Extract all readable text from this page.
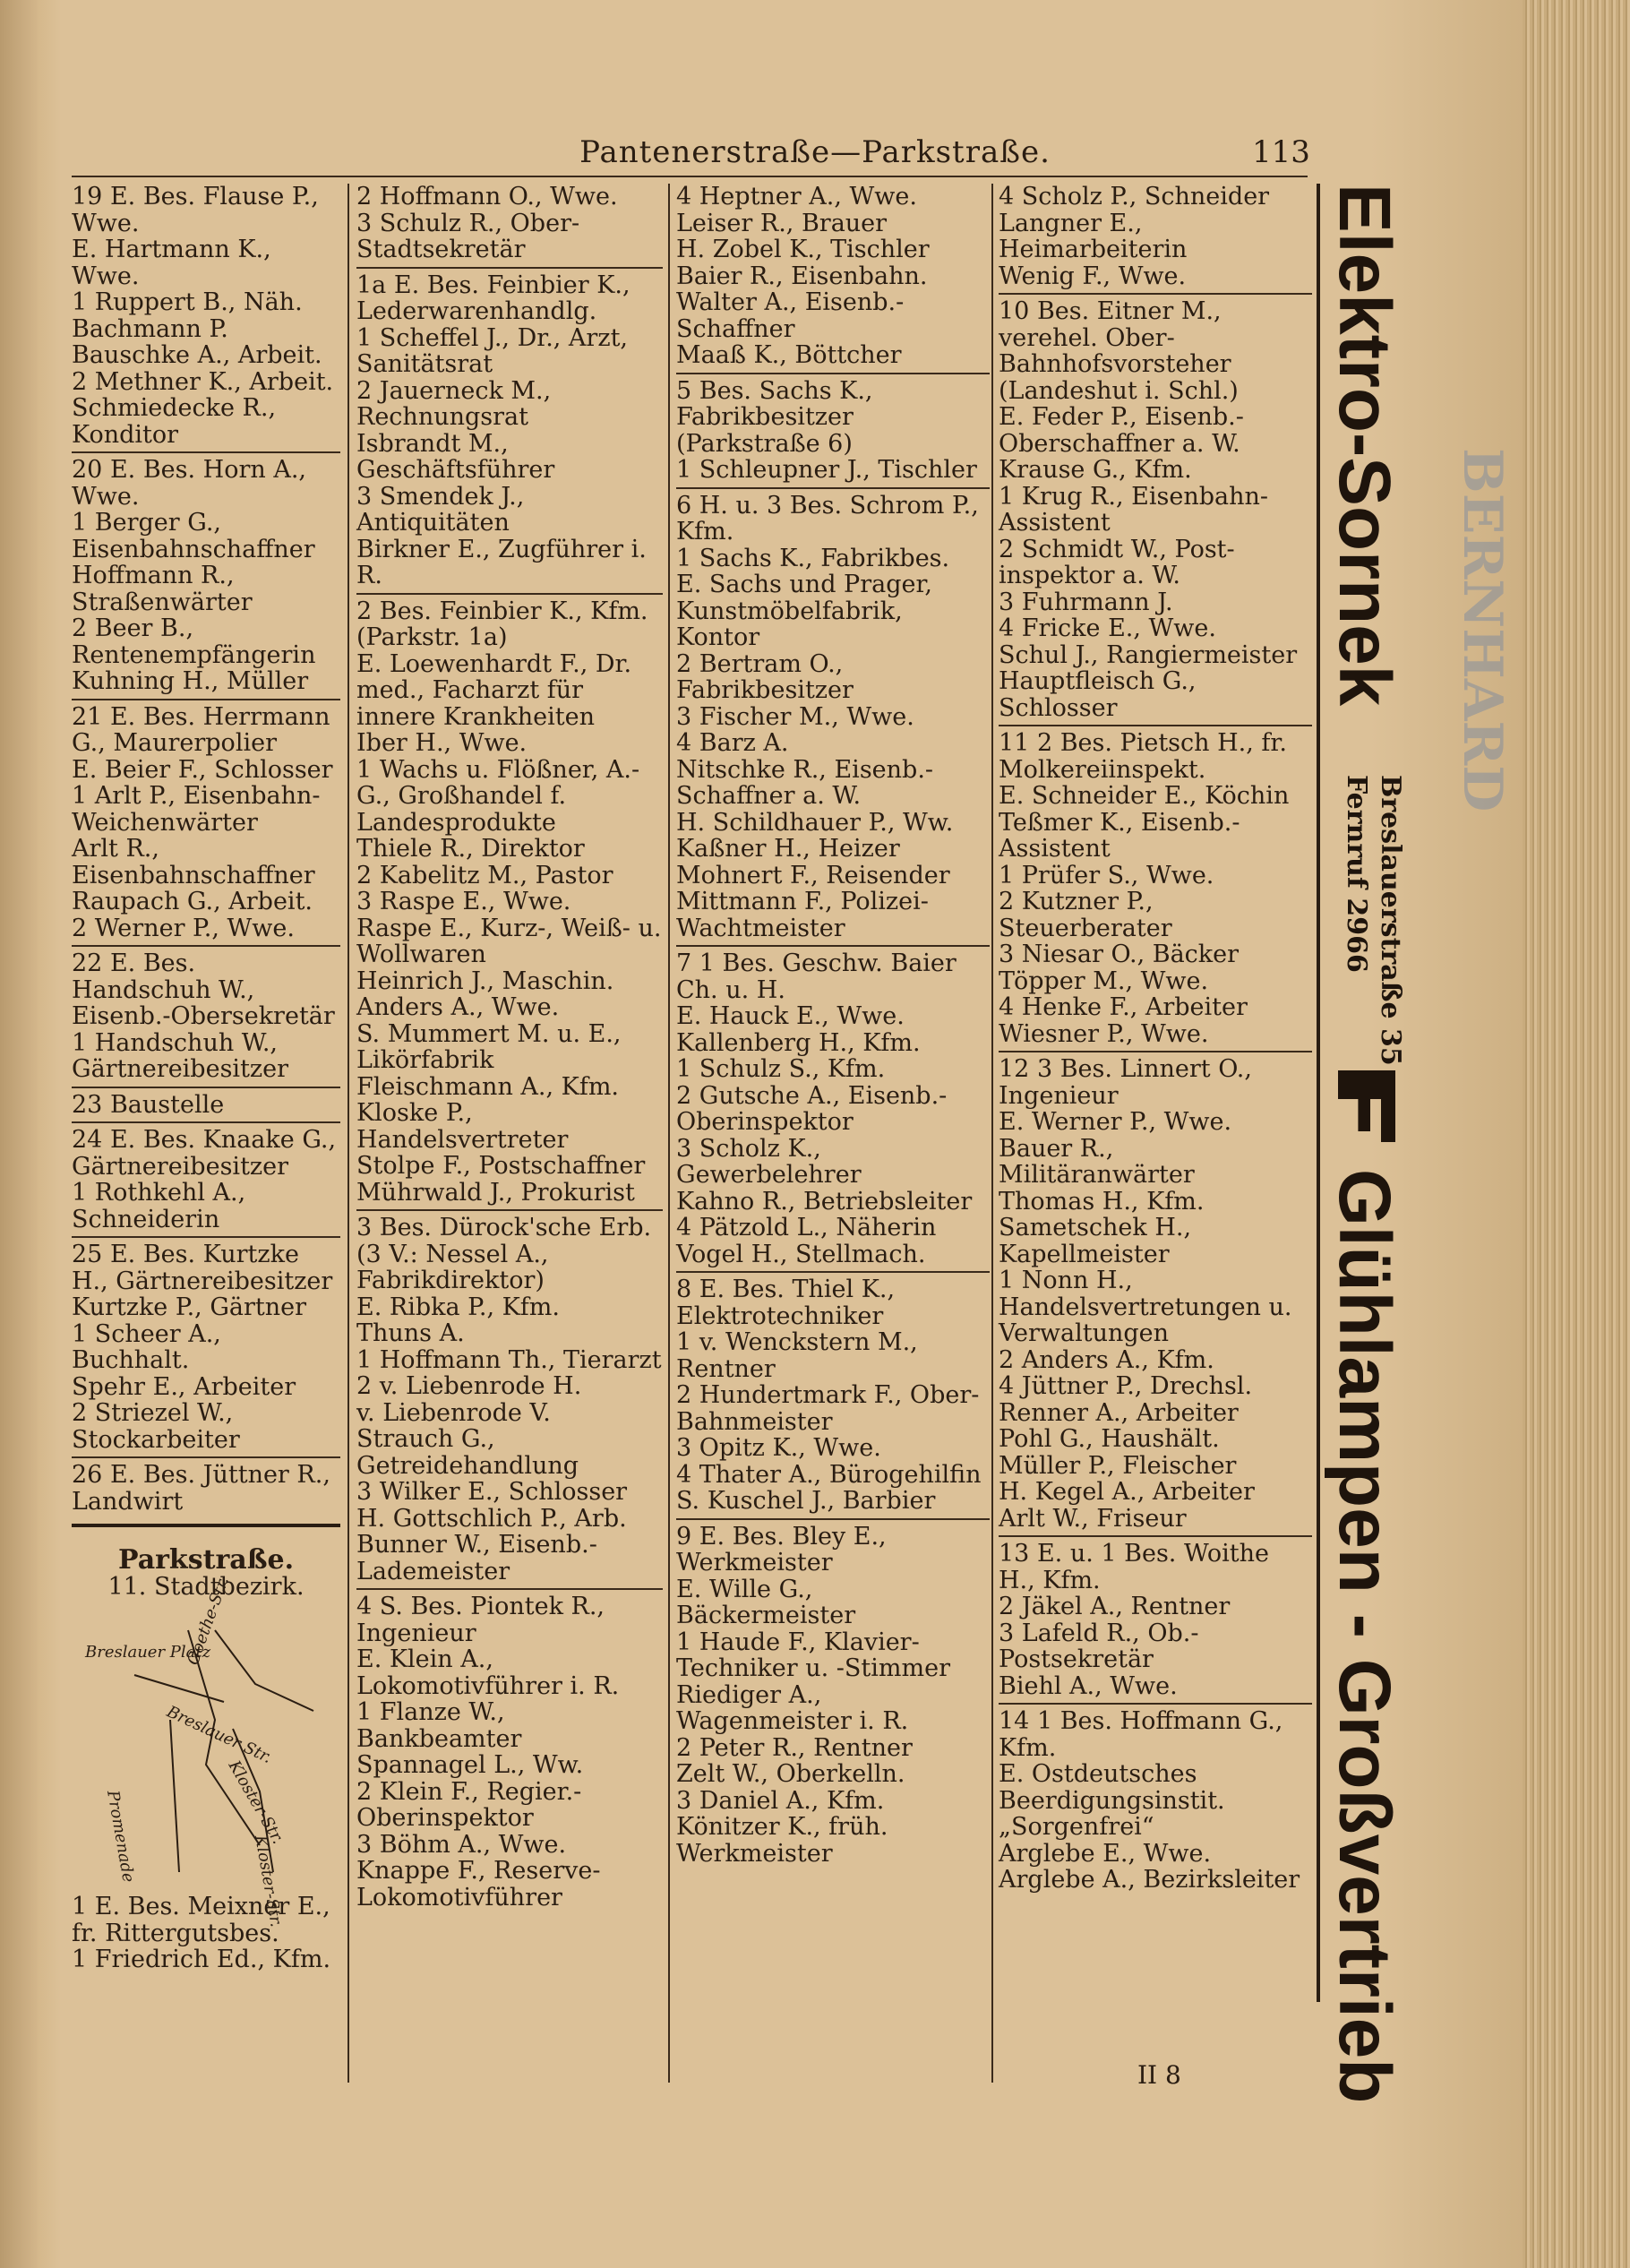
Pantenerstraße—Parkstraße.	113
19 E. Bes. Flause P., Wwe.
E. Hartmann K., Wwe.
1 Ruppert B., Näh.
Bachmann P.
Bauschke A., Arbeit.
2 Methner K., Arbeit.
Schmiedecke R., Konditor
20 E. Bes. Horn A., Wwe.
1 Berger G., Eisenbahnschaffner
Hoffmann R., Straßenwärter
2 Beer B., Rentenempfängerin
Kuhning H., Müller
21 E. Bes. Herrmann G., Maurerpolier
E. Beier F., Schlosser
1 Arlt P., Eisenbahn-Weichenwärter
Arlt R., Eisenbahnschaffner
Raupach G., Arbeit.
2 Werner P., Wwe.
22 E. Bes. Handschuh W., Eisenb.-Obersekretär
1 Handschuh W., Gärtnereibesitzer
23 Baustelle
24 E. Bes. Knaake G., Gärtnereibesitzer
1 Rothkehl A., Schneiderin
25 E. Bes. Kurtzke H., Gärtnereibesitzer
Kurtzke P., Gärtner
1 Scheer A., Buchhalt.
Spehr E., Arbeiter
2 Striezel W., Stockarbeiter
26 E. Bes. Jüttner R., Landwirt
Parkstraße.
11. Stadtbezirk.
Breslauer Platz
Goethe-Str.
Breslauer Str.
Promenade	Kloster-Str.
Kloster-Str.
1 E. Bes. Meixner E., fr. Rittergutsbes.
1 Friedrich Ed., Kfm.
2 Hoffmann O., Wwe.
3 Schulz R., Ober-Stadtsekretär
1a E. Bes. Feinbier K., Lederwarenhandlg.
1 Scheffel J., Dr., Arzt, Sanitätsrat
2 Jauerneck M., Rechnungsrat
Isbrandt M., Geschäftsführer
3 Smendek J., Antiquitäten
Birkner E., Zugführer i. R.
2 Bes. Feinbier K., Kfm. (Parkstr. 1a)
E. Loewenhardt F., Dr. med., Facharzt für innere Krankheiten
Iber H., Wwe.
1 Wachs u. Flößner, A.-G., Großhandel f. Landesprodukte
Thiele R., Direktor
2 Kabelitz M., Pastor
3 Raspe E., Wwe.
Raspe E., Kurz-, Weiß- u. Wollwaren
Heinrich J., Maschin.
Anders A., Wwe.
S. Mummert M. u. E., Likörfabrik
Fleischmann A., Kfm.
Kloske P., Handelsvertreter
Stolpe F., Postschaffner
Mührwald J., Prokurist
3 Bes. Dürock'sche Erb. (3 V.: Nessel A., Fabrikdirektor)
E. Ribka P., Kfm.
Thuns A.
1 Hoffmann Th., Tierarzt
2 v. Liebenrode H.
v. Liebenrode V.
Strauch G., Getreidehandlung
3 Wilker E., Schlosser
H. Gottschlich P., Arb.
Bunner W., Eisenb.-Lademeister
4 S. Bes. Piontek R., Ingenieur
E. Klein A., Lokomotivführer i. R.
1 Flanze W., Bankbeamter
Spannagel L., Ww.
2 Klein F., Regier.-Oberinspektor
3 Böhm A., Wwe.
Knappe F., Reserve-Lokomotivführer
4 Heptner A., Wwe.
Leiser R., Brauer
H. Zobel K., Tischler
Baier R., Eisenbahn.
Walter A., Eisenb.-Schaffner
Maaß K., Böttcher
5 Bes. Sachs K., Fabrikbesitzer (Parkstraße 6)
1 Schleupner J., Tischler
6 H. u. 3 Bes. Schrom P., Kfm.
1 Sachs K., Fabrikbes.
E. Sachs und Prager, Kunstmöbelfabrik, Kontor
2 Bertram O., Fabrikbesitzer
3 Fischer M., Wwe.
4 Barz A.
Nitschke R., Eisenb.-Schaffner a. W.
H. Schildhauer P., Ww.
Kaßner H., Heizer
Mohnert F., Reisender
Mittmann F., Polizei-Wachtmeister
7 1 Bes. Geschw. Baier Ch. u. H.
E. Hauck E., Wwe.
Kallenberg H., Kfm.
1 Schulz S., Kfm.
2 Gutsche A., Eisenb.-Oberinspektor
3 Scholz K., Gewerbelehrer
Kahno R., Betriebsleiter
4 Pätzold L., Näherin
Vogel H., Stellmach.
8 E. Bes. Thiel K., Elektrotechniker
1 v. Wenckstern M., Rentner
2 Hundertmark F., Ober-Bahnmeister
3 Opitz K., Wwe.
4 Thater A., Bürogehilfin
S. Kuschel J., Barbier
9 E. Bes. Bley E., Werkmeister
E. Wille G., Bäckermeister
1 Haude F., Klavier-Techniker u. -Stimmer
Riediger A., Wagenmeister i. R.
2 Peter R., Rentner
Zelt W., Oberkelln.
3 Daniel A., Kfm.
Könitzer K., früh. Werkmeister
4 Scholz P., Schneider
Langner E., Heimarbeiterin
Wenig F., Wwe.
10 Bes. Eitner M., verehel. Ober-Bahnhofsvorsteher (Landeshut i. Schl.)
E. Feder P., Eisenb.-Oberschaffner a. W.
Krause G., Kfm.
1 Krug R., Eisenbahn-Assistent
2 Schmidt W., Post-inspektor a. W.
3 Fuhrmann J.
4 Fricke E., Wwe.
Schul J., Rangiermeister
Hauptfleisch G., Schlosser
11 2 Bes. Pietsch H., fr. Molkereiinspekt.
E. Schneider E., Köchin
Teßmer K., Eisenb.-Assistent
1 Prüfer S., Wwe.
2 Kutzner P., Steuerberater
3 Niesar O., Bäcker
Töpper M., Wwe.
4 Henke F., Arbeiter
Wiesner P., Wwe.
12 3 Bes. Linnert O., Ingenieur
E. Werner P., Wwe.
Bauer R., Militäranwärter
Thomas H., Kfm.
Sametschek H., Kapellmeister
1 Nonn H., Handelsvertretungen u. Verwaltungen
2 Anders A., Kfm.
4 Jüttner P., Drechsl.
Renner A., Arbeiter
Pohl G., Haushält.
Müller P., Fleischer
H. Kegel A., Arbeiter
Arlt W., Friseur
13 E. u. 1 Bes. Woithe H., Kfm.
2 Jäkel A., Rentner
3 Lafeld R., Ob.-Postsekretär
Biehl A., Wwe.
14 1 Bes. Hoffmann G., Kfm.
E. Ostdeutsches Beerdigungsinstit. „Sorgenfrei“
Arglebe E., Wwe.
Arglebe A., Bezirksleiter
Elektro-Sornek
Breslauerstraße 35
Fernruf 2966
Glühlampen - Großvertrieb
BERNHARD
II 8
